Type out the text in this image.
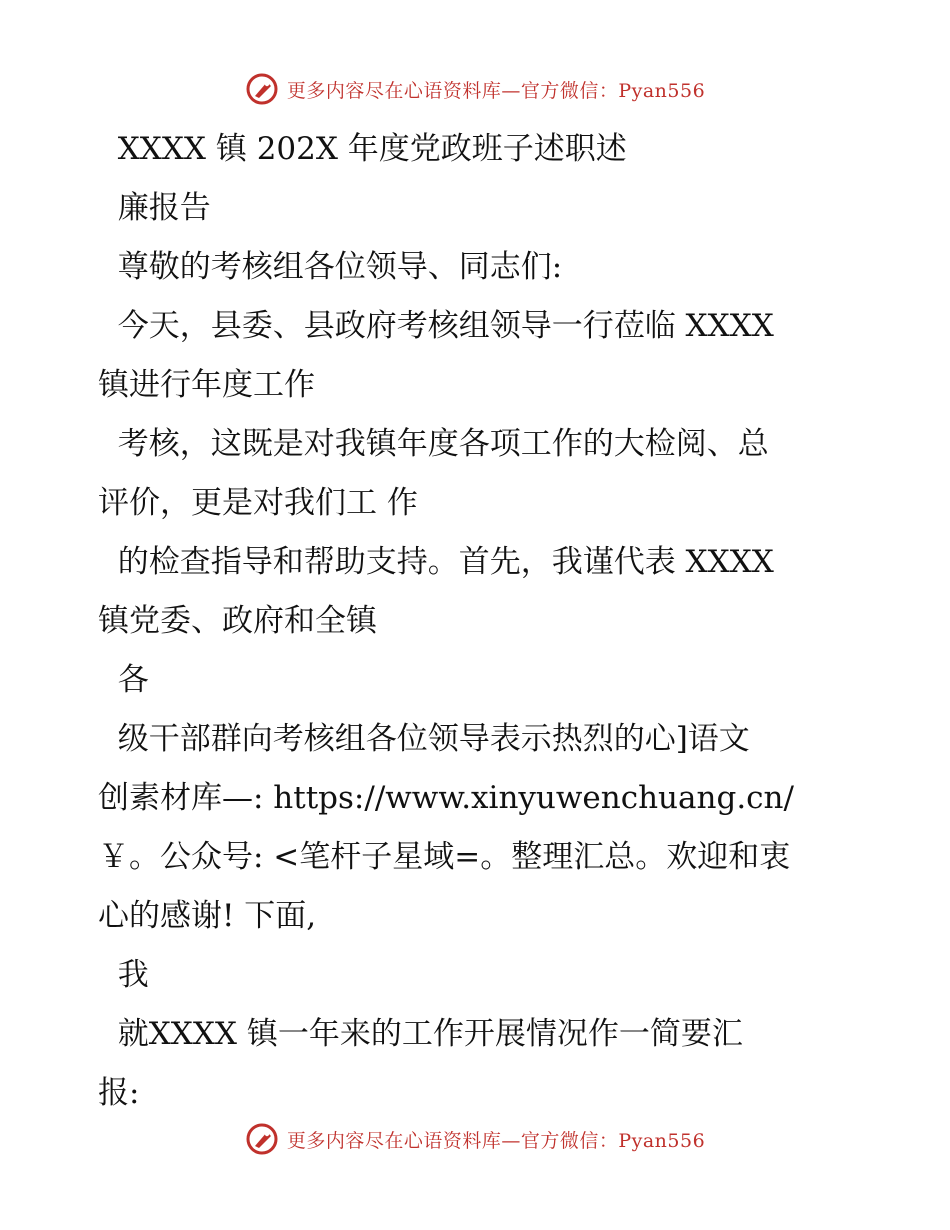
更多内容尽在心语资料库—官方微信：Pyan556
XXXX 镇 202X 年度党政班子述职述
廉报告
尊敬的考核组各位领导、同志们:
今天，县委、县政府考核组领导一行莅临 XXXX
镇进行年度工作
考核，这既是对我镇年度各项工作的大检阅、总
评价，更是对我们工 作
的检查指导和帮助支持。首先，我谨代表 XXXX
镇党委、政府和全镇
各
级干部群向考核组各位领导表示热烈的心]语文
创素材库—: https://www.xinyuwenchuang.cn/
￥。公众号: <笔杆子星域=。整理汇总。欢迎和衷
心的感谢! 下面,
我
就XXXX 镇一年来的工作开展情况作一简要汇
报:
更多内容尽在心语资料库—官方微信：Pyan556
